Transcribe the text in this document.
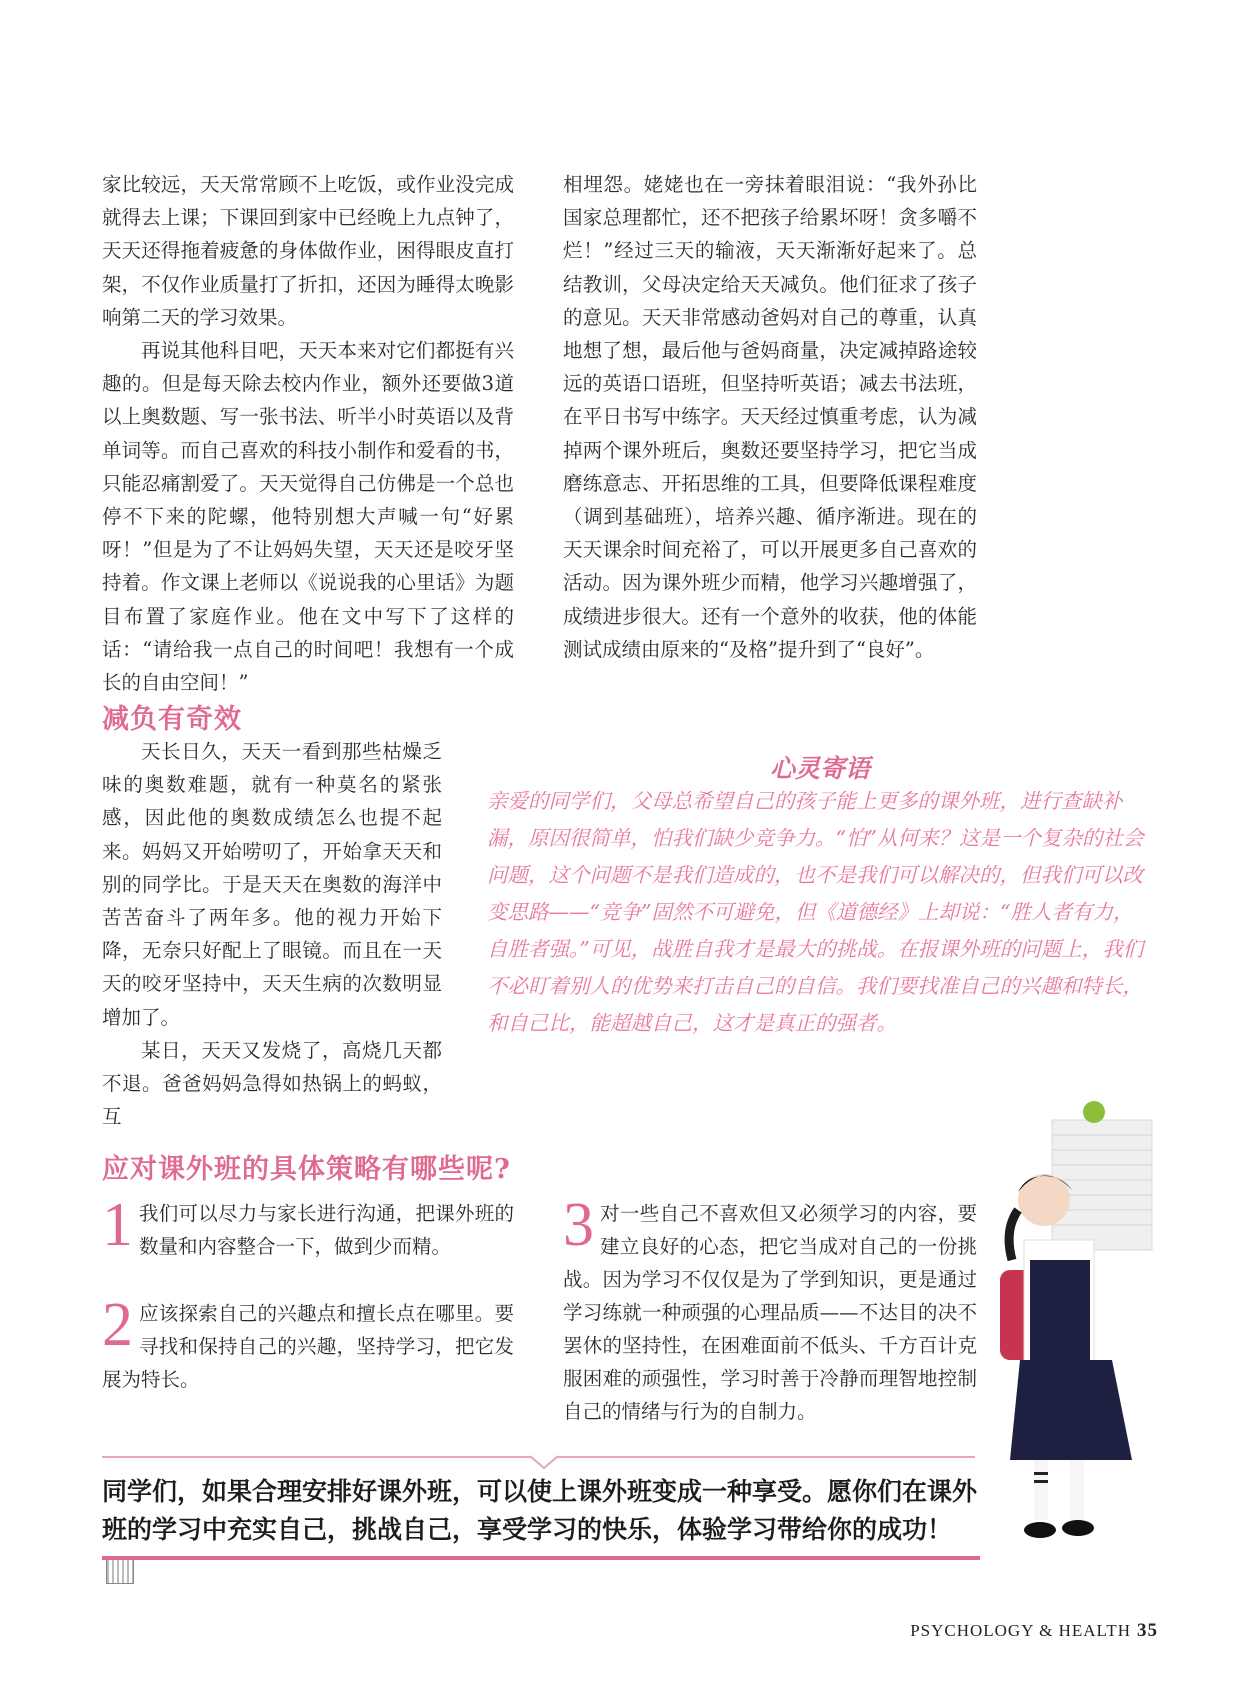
家比较远，天天常常顾不上吃饭，或作业没完成就得去上课；下课回到家中已经晚上九点钟了，天天还得拖着疲惫的身体做作业，困得眼皮直打架，不仅作业质量打了折扣，还因为睡得太晚影响第二天的学习效果。

再说其他科目吧，天天本来对它们都挺有兴趣的。但是每天除去校内作业，额外还要做3道以上奥数题、写一张书法、听半小时英语以及背单词等。而自己喜欢的科技小制作和爱看的书，只能忍痛割爱了。天天觉得自己仿佛是一个总也停不下来的陀螺，他特别想大声喊一句“好累呀！”但是为了不让妈妈失望，天天还是咬牙坚持着。作文课上老师以《说说我的心里话》为题目布置了家庭作业。他在文中写下了这样的话：“请给我一点自己的时间吧！我想有一个成长的自由空间！”

相埋怨。姥姥也在一旁抹着眼泪说：“我外孙比国家总理都忙，还不把孩子给累坏呀！贪多嚼不烂！”经过三天的输液，天天渐渐好起来了。总结教训，父母决定给天天减负。他们征求了孩子的意见。天天非常感动爸妈对自己的尊重，认真地想了想，最后他与爸妈商量，决定减掉路途较远的英语口语班，但坚持听英语；减去书法班，在平日书写中练字。天天经过慎重考虑，认为减掉两个课外班后，奥数还要坚持学习，把它当成磨练意志、开拓思维的工具，但要降低课程难度（调到基础班），培养兴趣、循序渐进。现在的天天课余时间充裕了，可以开展更多自己喜欢的活动。因为课外班少而精，他学习兴趣增强了，成绩进步很大。还有一个意外的收获，他的体能测试成绩由原来的“及格”提升到了“良好”。

减负有奇效

天长日久，天天一看到那些枯燥乏味的奥数难题，就有一种莫名的紧张感，因此他的奥数成绩怎么也提不起来。妈妈又开始唠叨了，开始拿天天和别的同学比。于是天天在奥数的海洋中苦苦奋斗了两年多。他的视力开始下降，无奈只好配上了眼镜。而且在一天天的咬牙坚持中，天天生病的次数明显增加了。

某日，天天又发烧了，高烧几天都不退。爸爸妈妈急得如热锅上的蚂蚁，互

心灵寄语
亲爱的同学们，父母总希望自己的孩子能上更多的课外班，进行查缺补漏，原因很简单，怕我们缺少竞争力。“怕”从何来？这是一个复杂的社会问题，这个问题不是我们造成的，也不是我们可以解决的，但我们可以改变思路——“竞争”固然不可避免，但《道德经》上却说：“胜人者有力，自胜者强。”可见，战胜自我才是最大的挑战。在报课外班的问题上，我们不必盯着别人的优势来打击自己的自信。我们要找准自己的兴趣和特长，和自己比，能超越自己，这才是真正的强者。
应对课外班的具体策略有哪些呢?
1 我们可以尽力与家长进行沟通，把课外班的数量和内容整合一下，做到少而精。
2 应该探索自己的兴趣点和擅长点在哪里。要寻找和保持自己的兴趣，坚持学习，把它发展为特长。
3 对一些自己不喜欢但又必须学习的内容，要建立良好的心态，把它当成对自己的一份挑战。因为学习不仅仅是为了学到知识，更是通过学习练就一种顽强的心理品质——不达目的决不罢休的坚持性，在困难面前不低头、千方百计克服困难的顽强性，学习时善于冷静而理智地控制自己的情绪与行为的自制力。
同学们，如果合理安排好课外班，可以使上课外班变成一种享受。愿你们在课外班的学习中充实自己，挑战自己，享受学习的快乐，体验学习带给你的成功！
PSYCHOLOGY & HEALTH 35
